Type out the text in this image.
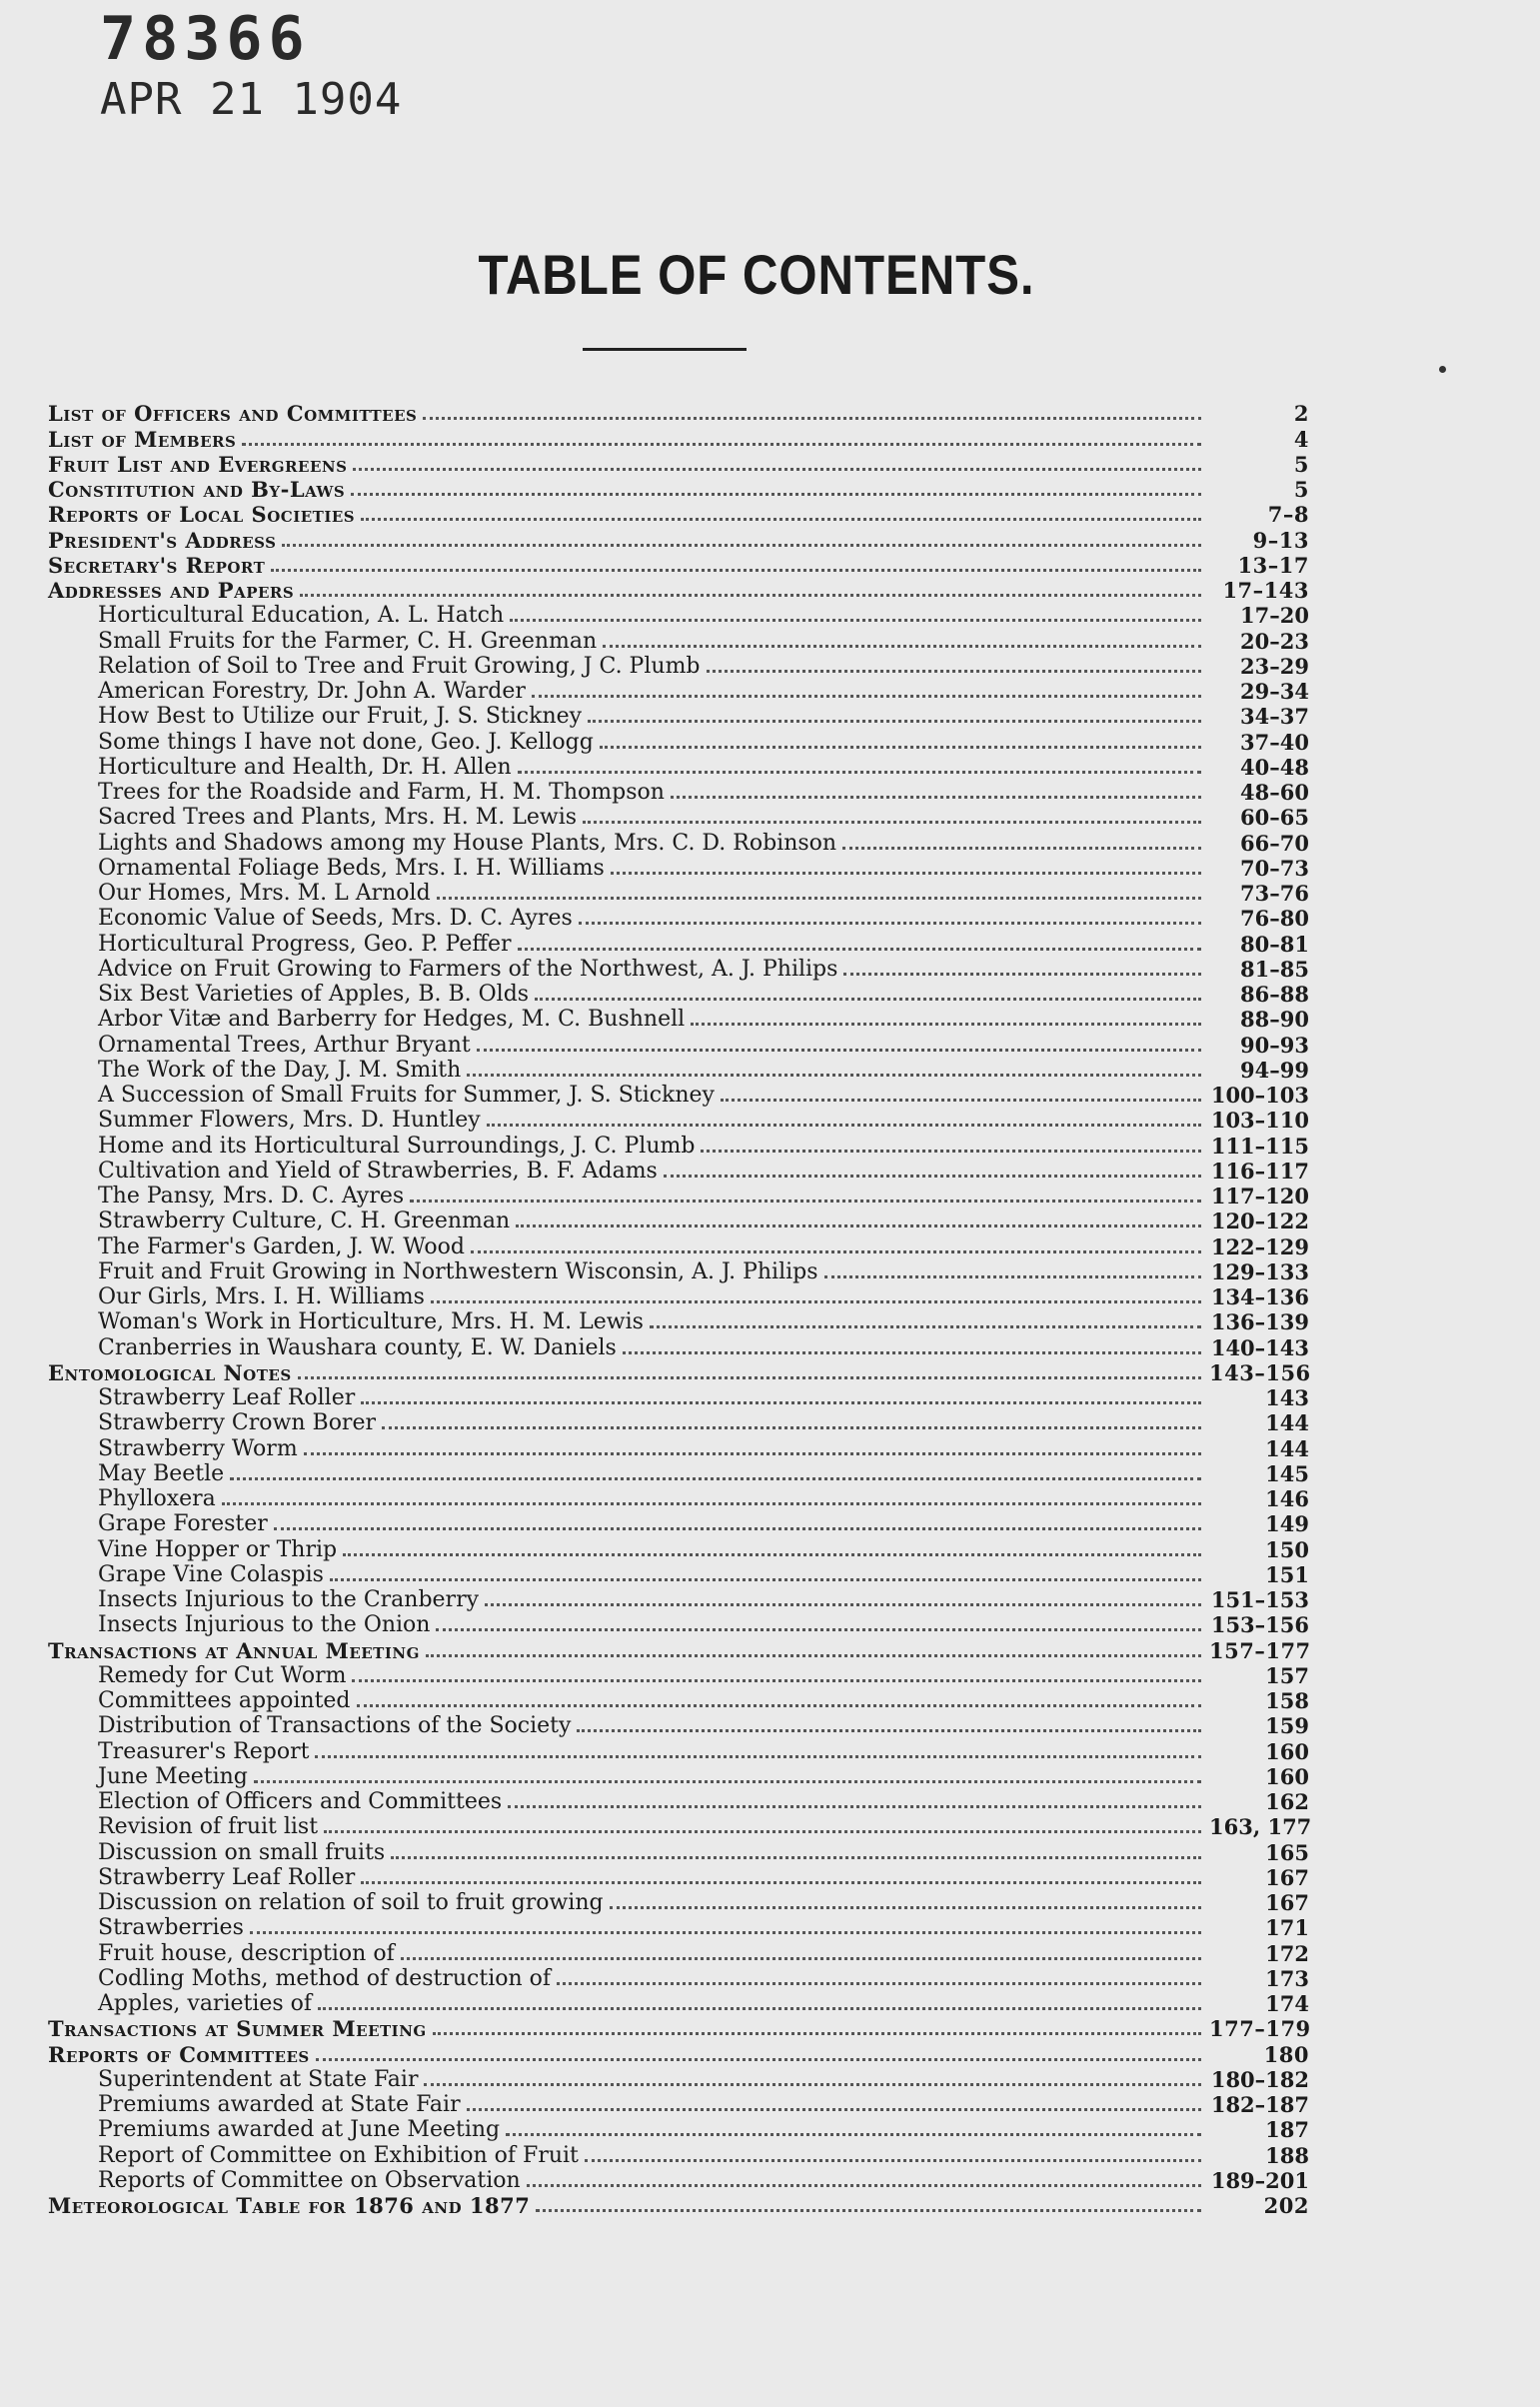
78366
APR 21 1904
TABLE OF CONTENTS.
List of Officers and Committees	2
List of Members	4
Fruit List and Evergreens	5
Constitution and By-Laws	5
Reports of Local Societies	7–8
President's Address	9–13
Secretary's Report	13–17
Addresses and Papers	17–143
Horticultural Education, A. L. Hatch	17–20
Small Fruits for the Farmer, C. H. Greenman	20–23
Relation of Soil to Tree and Fruit Growing, J C. Plumb	23–29
American Forestry, Dr. John A. Warder	29–34
How Best to Utilize our Fruit, J. S. Stickney	34–37
Some things I have not done, Geo. J. Kellogg	37–40
Horticulture and Health, Dr. H. Allen	40–48
Trees for the Roadside and Farm, H. M. Thompson	48–60
Sacred Trees and Plants, Mrs. H. M. Lewis	60–65
Lights and Shadows among my House Plants, Mrs. C. D. Robinson	66–70
Ornamental Foliage Beds, Mrs. I. H. Williams	70–73
Our Homes, Mrs. M. L Arnold	73–76
Economic Value of Seeds, Mrs. D. C. Ayres	76–80
Horticultural Progress, Geo. P. Peffer	80–81
Advice on Fruit Growing to Farmers of the Northwest, A. J. Philips	81–85
Six Best Varieties of Apples, B. B. Olds	86–88
Arbor Vitæ and Barberry for Hedges, M. C. Bushnell	88–90
Ornamental Trees, Arthur Bryant	90–93
The Work of the Day, J. M. Smith	94–99
A Succession of Small Fruits for Summer, J. S. Stickney	100–103
Summer Flowers, Mrs. D. Huntley	103–110
Home and its Horticultural Surroundings, J. C. Plumb	111–115
Cultivation and Yield of Strawberries, B. F. Adams	116–117
The Pansy, Mrs. D. C. Ayres	117–120
Strawberry Culture, C. H. Greenman	120–122
The Farmer's Garden, J. W. Wood	122–129
Fruit and Fruit Growing in Northwestern Wisconsin, A. J. Philips	129–133
Our Girls, Mrs. I. H. Williams	134–136
Woman's Work in Horticulture, Mrs. H. M. Lewis	136–139
Cranberries in Waushara county, E. W. Daniels	140–143
Entomological Notes	143–156
Strawberry Leaf Roller	143
Strawberry Crown Borer	144
Strawberry Worm	144
May Beetle	145
Phylloxera	146
Grape Forester	149
Vine Hopper or Thrip	150
Grape Vine Colaspis	151
Insects Injurious to the Cranberry	151–153
Insects Injurious to the Onion	153–156
Transactions at Annual Meeting	157–177
Remedy for Cut Worm	157
Committees appointed	158
Distribution of Transactions of the Society	159
Treasurer's Report	160
June Meeting	160
Election of Officers and Committees	162
Revision of fruit list	163, 177
Discussion on small fruits	165
Strawberry Leaf Roller	167
Discussion on relation of soil to fruit growing	167
Strawberries	171
Fruit house, description of	172
Codling Moths, method of destruction of	173
Apples, varieties of	174
Transactions at Summer Meeting	177–179
Reports of Committees	180
Superintendent at State Fair	180–182
Premiums awarded at State Fair	182–187
Premiums awarded at June Meeting	187
Report of Committee on Exhibition of Fruit	188
Reports of Committee on Observation	189–201
Meteorological Table for 1876 and 1877	202
